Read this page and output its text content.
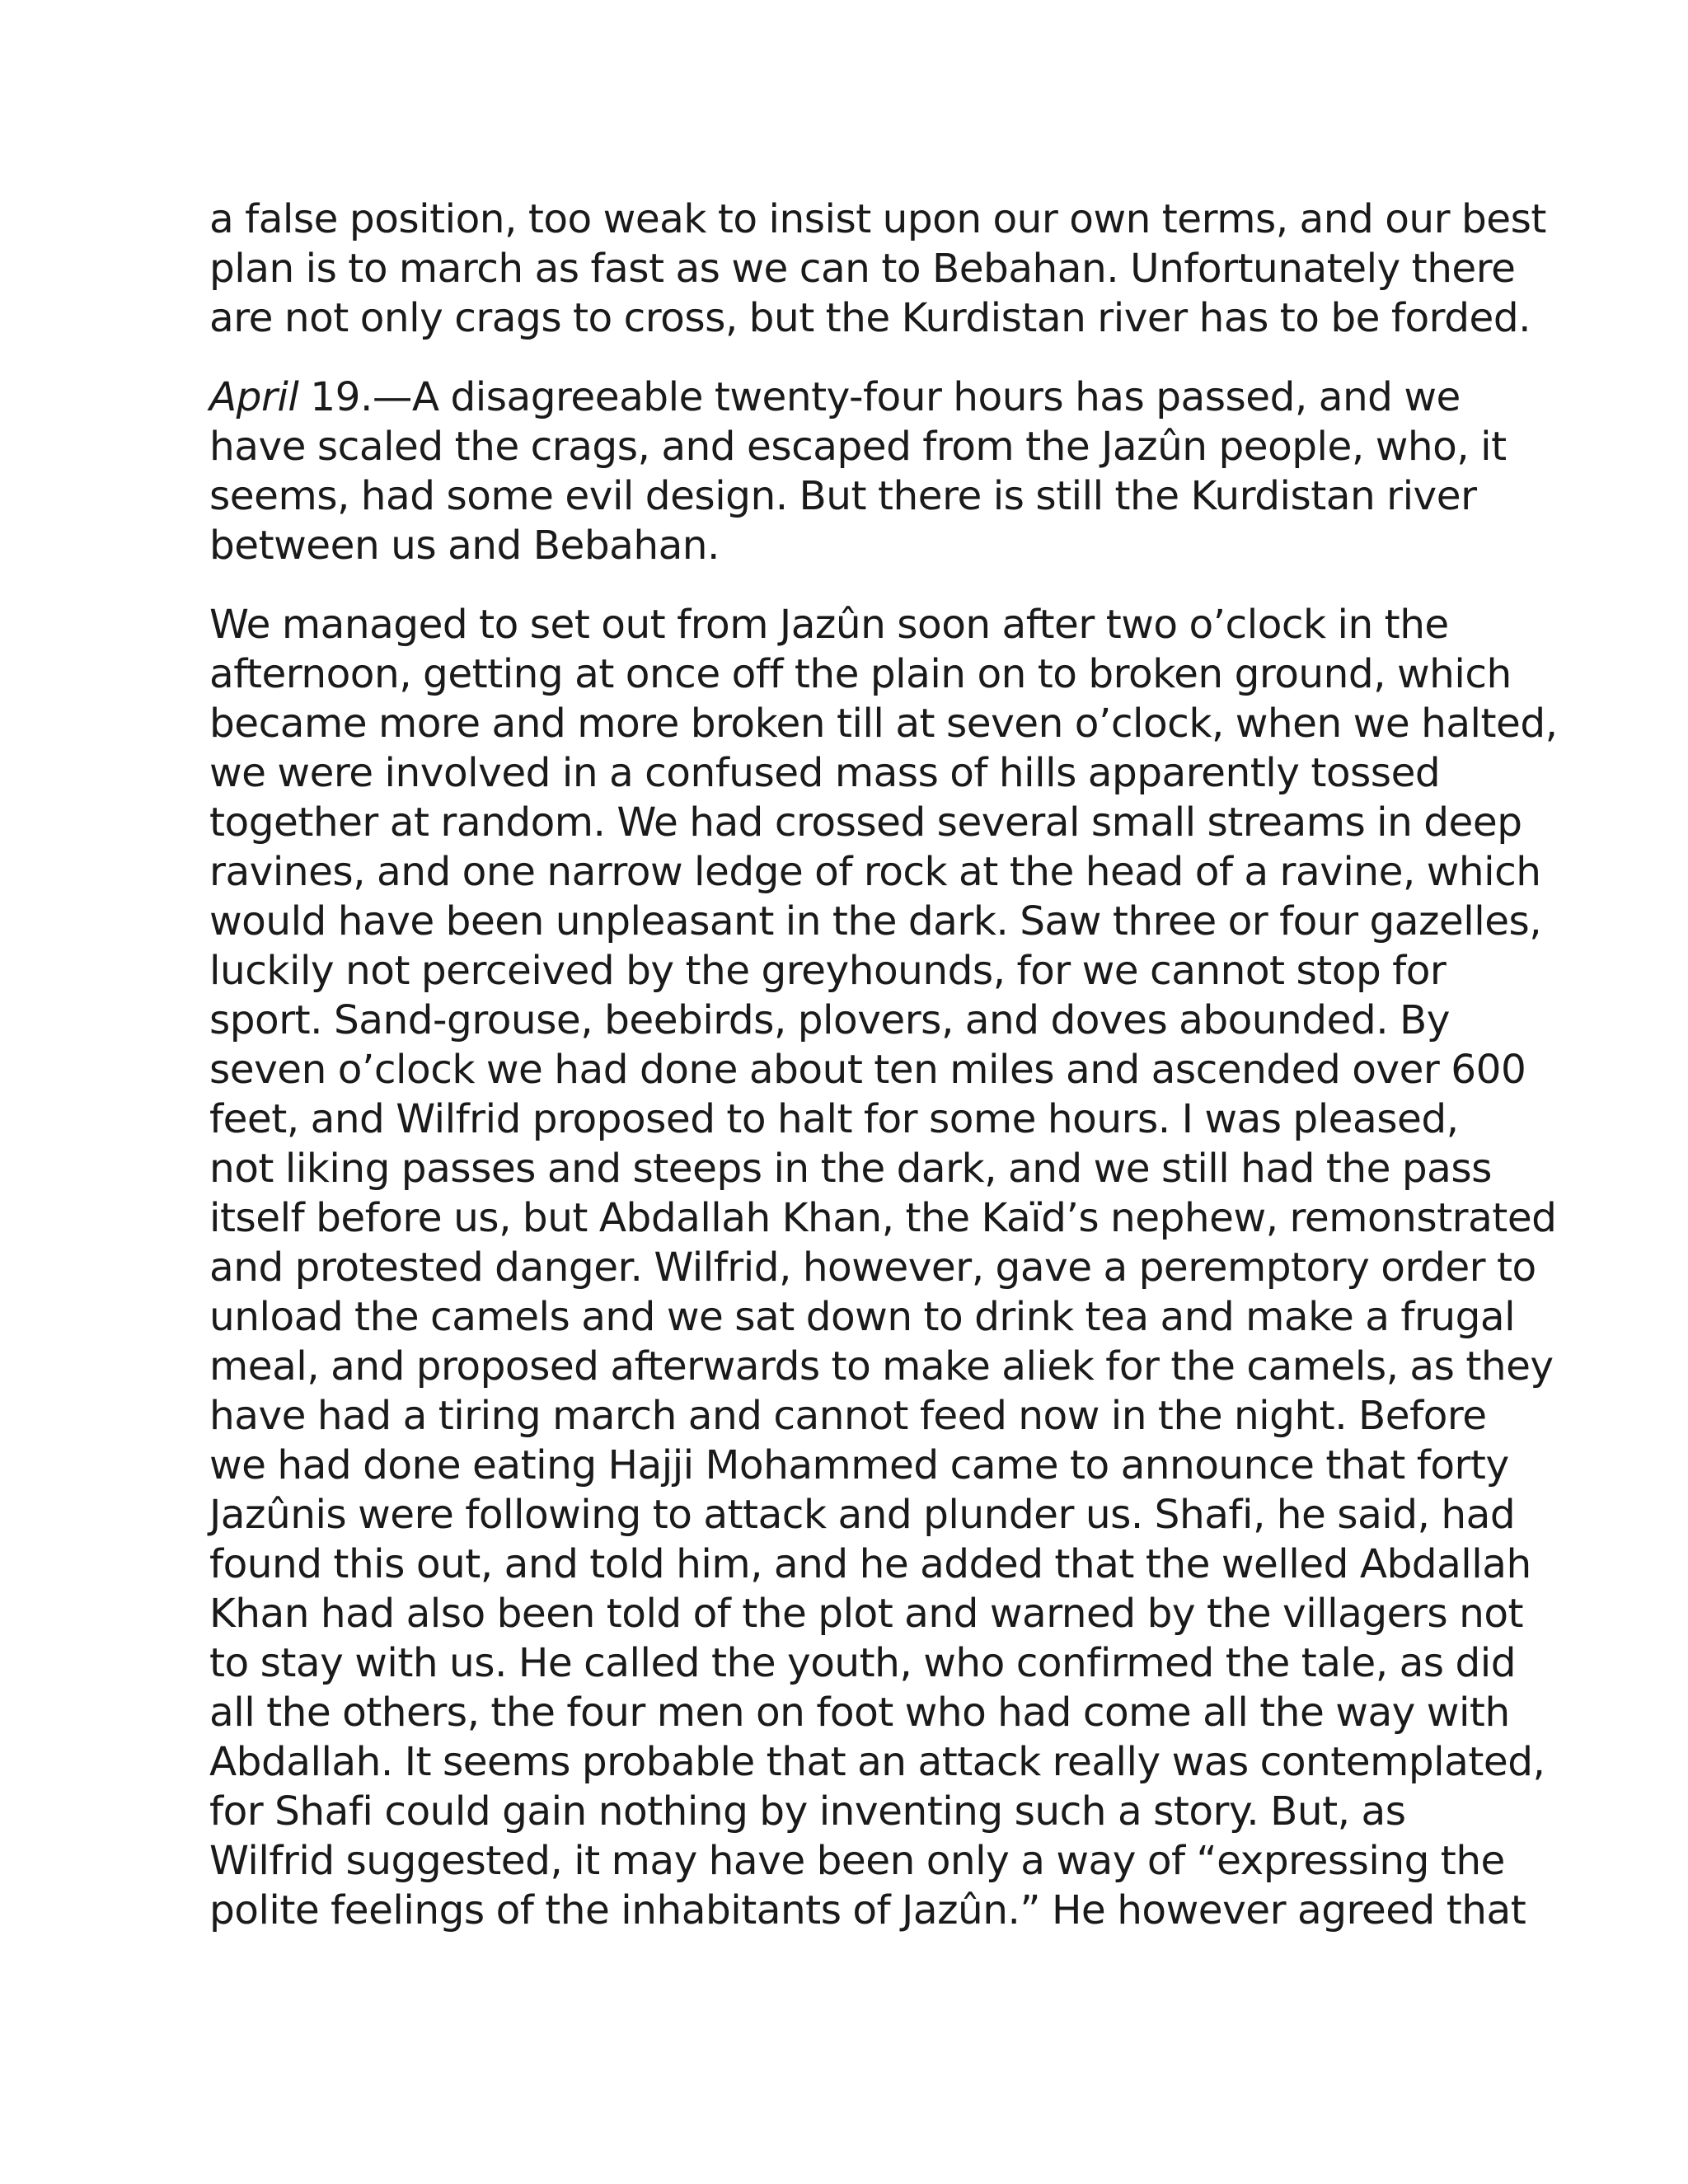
a false position, too weak to insist upon our own terms, and our best
plan is to march as fast as we can to Bebahan. Unfortunately there
are not only crags to cross, but the Kurdistan river has to be forded.
April 19.—A disagreeable twenty-four hours has passed, and we
have scaled the crags, and escaped from the Jazûn people, who, it
seems, had some evil design. But there is still the Kurdistan river
between us and Bebahan.
We managed to set out from Jazûn soon after two o’clock in the
afternoon, getting at once off the plain on to broken ground, which
became more and more broken till at seven o’clock, when we halted,
we were involved in a confused mass of hills apparently tossed
together at random. We had crossed several small streams in deep
ravines, and one narrow ledge of rock at the head of a ravine, which
would have been unpleasant in the dark. Saw three or four gazelles,
luckily not perceived by the greyhounds, for we cannot stop for
sport. Sand-grouse, beebirds, plovers, and doves abounded. By
seven o’clock we had done about ten miles and ascended over 600
feet, and Wilfrid proposed to halt for some hours. I was pleased,
not liking passes and steeps in the dark, and we still had the pass
itself before us, but Abdallah Khan, the Kaïd’s nephew, remonstrated
and protested danger. Wilfrid, however, gave a peremptory order to
unload the camels and we sat down to drink tea and make a frugal
meal, and proposed afterwards to make aliek for the camels, as they
have had a tiring march and cannot feed now in the night. Before
we had done eating Hajji Mohammed came to announce that forty
Jazûnis were following to attack and plunder us. Shafi, he said, had
found this out, and told him, and he added that the welled Abdallah
Khan had also been told of the plot and warned by the villagers not
to stay with us. He called the youth, who confirmed the tale, as did
all the others, the four men on foot who had come all the way with
Abdallah. It seems probable that an attack really was contemplated,
for Shafi could gain nothing by inventing such a story. But, as
Wilfrid suggested, it may have been only a way of “expressing the
polite feelings of the inhabitants of Jazûn.” He however agreed that
